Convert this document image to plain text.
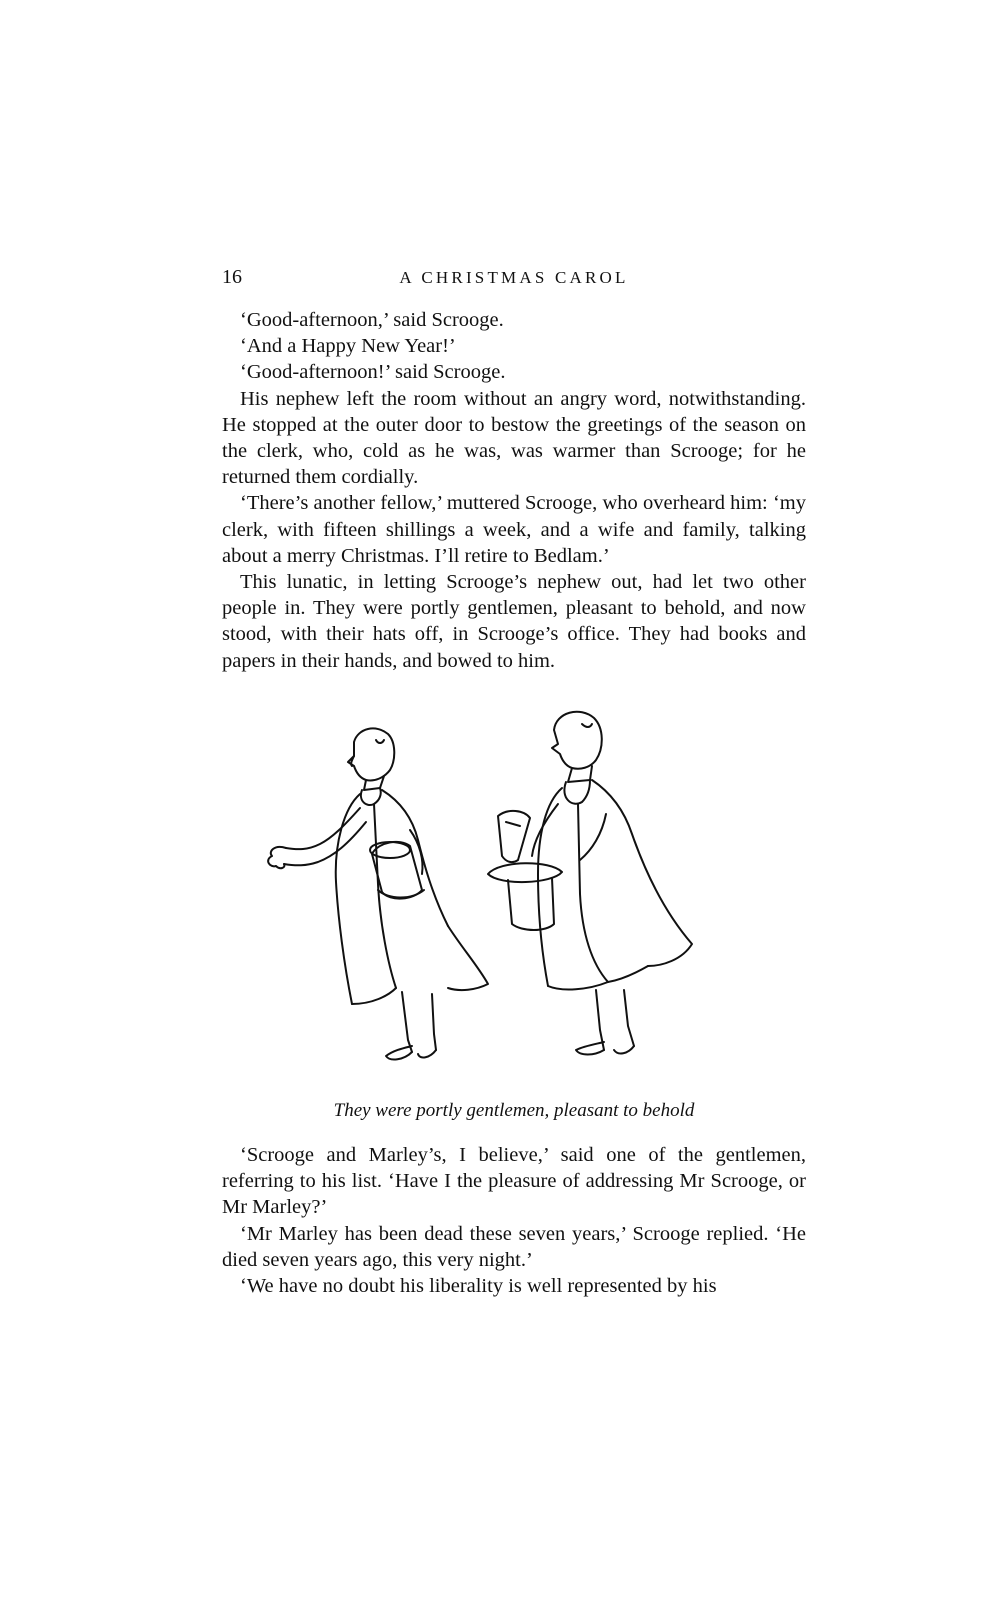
16	A CHRISTMAS CAROL

‘Good-afternoon,’ said Scrooge.

‘And a Happy New Year!’

‘Good-afternoon!’ said Scrooge.

His nephew left the room without an angry word, notwithstanding. He stopped at the outer door to bestow the greetings of the season on the clerk, who, cold as he was, was warmer than Scrooge; for he returned them cordially.

‘There’s another fellow,’ muttered Scrooge, who overheard him: ‘my clerk, with fifteen shillings a week, and a wife and family, talking about a merry Christmas. I’ll retire to Bedlam.’

This lunatic, in letting Scrooge’s nephew out, had let two other people in. They were portly gentlemen, pleasant to behold, and now stood, with their hats off, in Scrooge’s office. They had books and papers in their hands, and bowed to him.

They were portly gentlemen, pleasant to behold

‘Scrooge and Marley’s, I believe,’ said one of the gentlemen, referring to his list. ‘Have I the pleasure of addressing Mr Scrooge, or Mr Marley?’

‘Mr Marley has been dead these seven years,’ Scrooge replied. ‘He died seven years ago, this very night.’

‘We have no doubt his liberality is well represented by his
